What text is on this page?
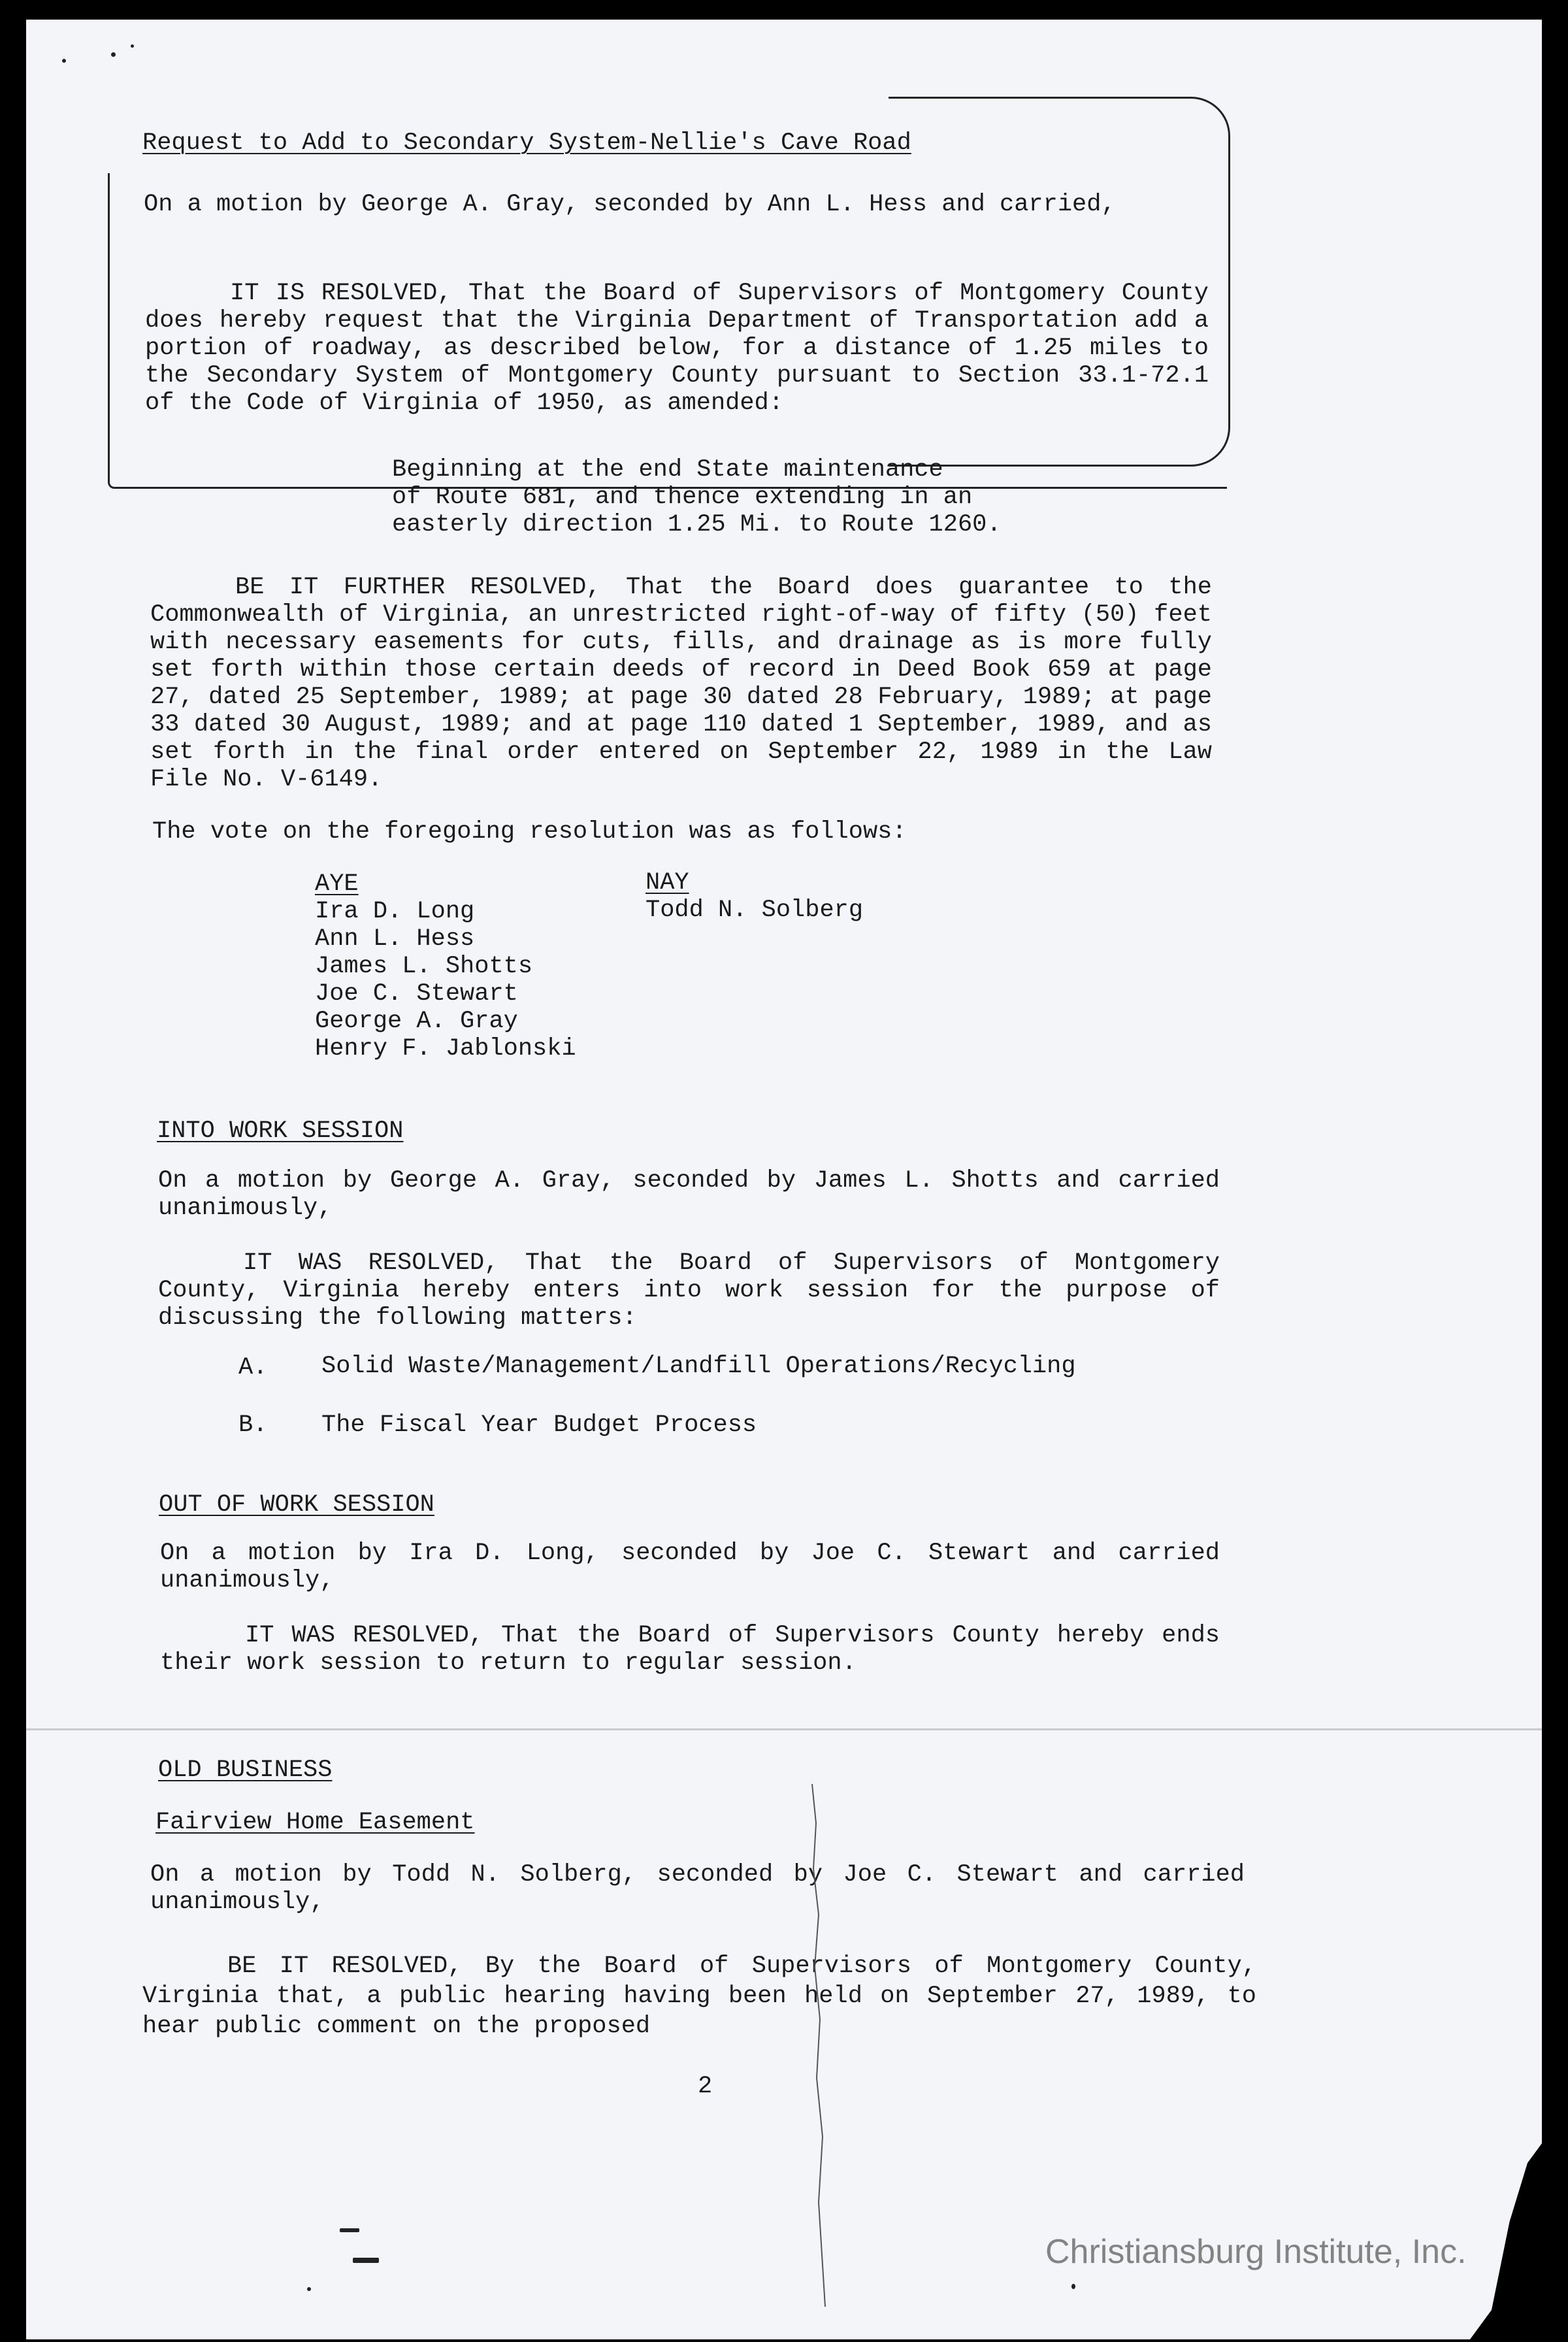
Request to Add to Secondary System-Nellie's Cave Road
On a motion by George A. Gray, seconded by Ann L. Hess and carried,
IT IS RESOLVED, That the Board of Supervisors of Montgomery County does hereby request that the Virginia Department of Transportation add a portion of roadway, as described below, for a distance of 1.25 miles to the Secondary System of Montgomery County pursuant to Section 33.1-72.1 of the Code of Virginia of 1950, as amended:
Beginning at the end State maintenance
of Route 681, and thence extending in an
easterly direction 1.25 Mi. to Route 1260.
BE IT FURTHER RESOLVED, That the Board does guarantee to the Commonwealth of Virginia, an unrestricted right-of-way of fifty (50) feet with necessary easements for cuts, fills, and drainage as is more fully set forth within those certain deeds of record in Deed Book 659 at page 27, dated 25 September, 1989; at page 30 dated 28 February, 1989; at page 33 dated 30 August, 1989; and at page 110 dated 1 September, 1989, and as set forth in the final order entered on September 22, 1989 in the Law File No. V-6149.
The vote on the foregoing resolution was as follows:
AYE	NAY
Ira D. Long
Ann L. Hess
James L. Shotts
Joe C. Stewart
George A. Gray
Henry F. Jablonski
Todd N. Solberg
INTO WORK SESSION
On a motion by George A. Gray, seconded by James L. Shotts and carried unanimously,
IT WAS RESOLVED, That the Board of Supervisors of Montgomery County, Virginia hereby enters into work session for the purpose of discussing the following matters:
A. Solid Waste/Management/Landfill Operations/Recycling
B. The Fiscal Year Budget Process
OUT OF WORK SESSION
On a motion by Ira D. Long, seconded by Joe C. Stewart and carried unanimously,
IT WAS RESOLVED, That the Board of Supervisors County hereby ends their work session to return to regular session.
OLD BUSINESS
Fairview Home Easement
On a motion by Todd N. Solberg, seconded by Joe C. Stewart and carried unanimously,
BE IT RESOLVED, By the Board of Supervisors of Montgomery County, Virginia that, a public hearing having been held on September 27, 1989, to hear public comment on the proposed
2
Christiansburg Institute, Inc.
